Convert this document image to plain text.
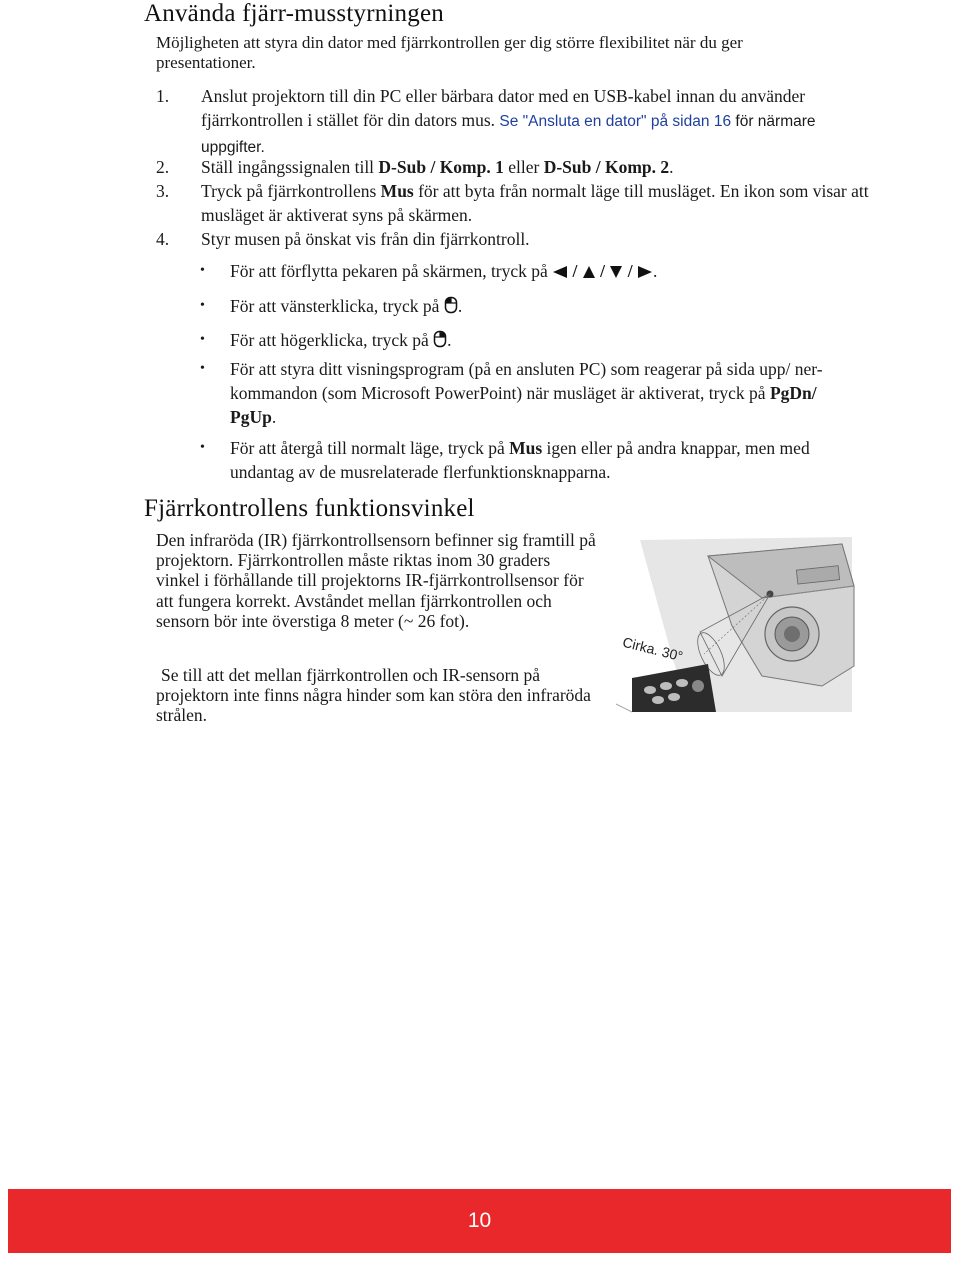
Använda fjärr-musstyrningen

Möjligheten att styra din dator med fjärrkontrollen ger dig större flexibilitet när du ger presentationer.

1. Anslut projektorn till din PC eller bärbara dator med en USB-kabel innan du använder fjärrkontrollen i stället för din dators mus. Se "Ansluta en dator" på sidan 16 för närmare uppgifter.
2. Ställ ingångssignalen till D-Sub / Komp. 1 eller D-Sub / Komp. 2.
3. Tryck på fjärrkontrollens Mus för att byta från normalt läge till musläget. En ikon som visar att musläget är aktiverat syns på skärmen.
4. Styr musen på önskat vis från din fjärrkontroll.
• För att förflytta pekaren på skärmen, tryck på  / / / .
• För att vänsterklicka, tryck på .
• För att högerklicka, tryck på .
• För att styra ditt visningsprogram (på en ansluten PC) som reagerar på sida upp/ ner-kommandon (som Microsoft PowerPoint) när musläget är aktiverat, tryck på PgDn/ PgUp.
• För att återgå till normalt läge, tryck på Mus igen eller på andra knappar, men med undantag av de musrelaterade flerfunktionsknapparna.
Fjärrkontrollens funktionsvinkel

Den infraröda (IR) fjärrkontrollsensorn befinner sig framtill på projektorn. Fjärrkontrollen måste riktas inom 30 graders vinkel i förhållande till projektorns IR-fjärrkontrollsensor för att fungera korrekt. Avståndet mellan fjärrkontrollen och sensorn bör inte överstiga 8 meter (~ 26 fot).

Se till att det mellan fjärrkontrollen och IR-sensorn på projektorn inte finns några hinder som kan störa den infraröda strålen.

Cirka. 30°
10
